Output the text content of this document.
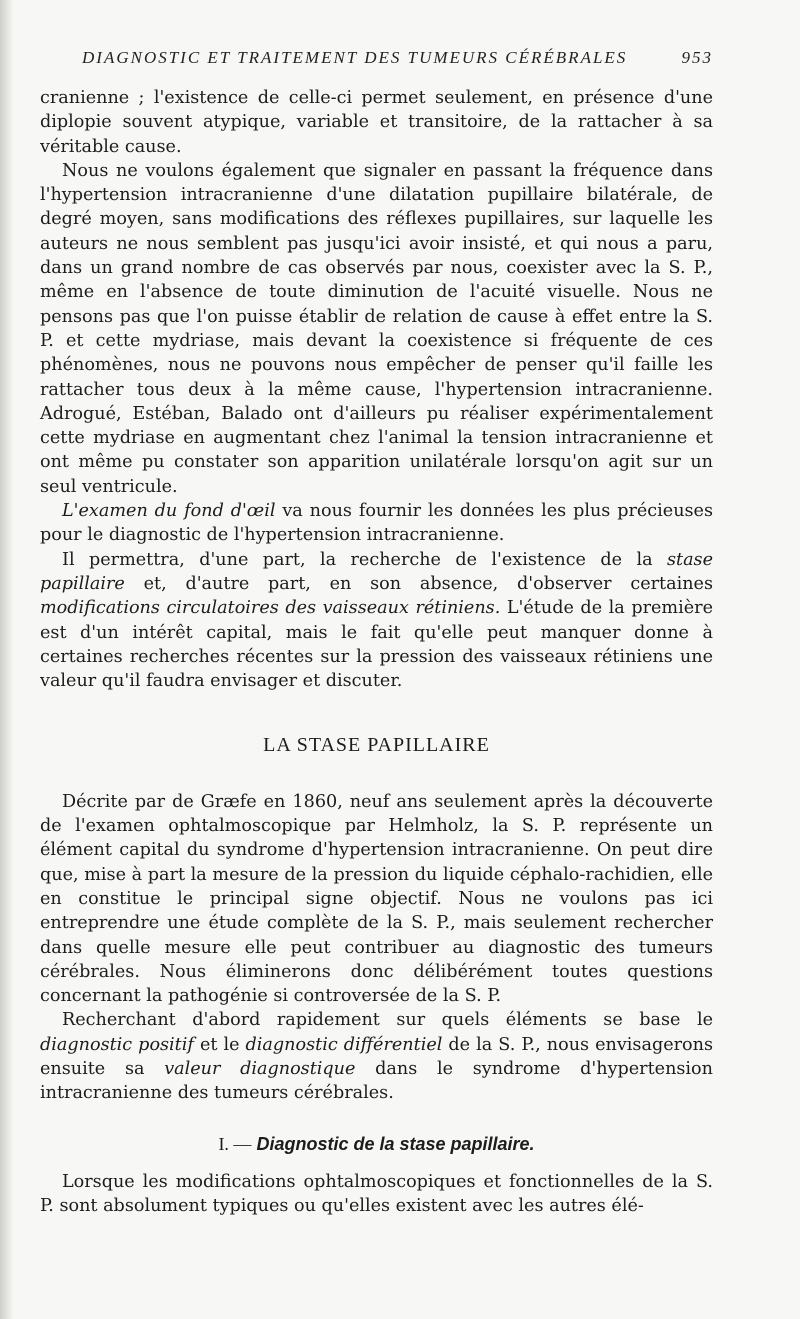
DIAGNOSTIC ET TRAITEMENT DES TUMEURS CÉRÉBRALES	953

cranienne ; l'existence de celle-ci permet seulement, en présence d'une diplopie souvent atypique, variable et transitoire, de la rattacher à sa véritable cause.

Nous ne voulons également que signaler en passant la fréquence dans l'hypertension intracranienne d'une dilatation pupillaire bilatérale, de degré moyen, sans modifications des réflexes pupillaires, sur laquelle les auteurs ne nous semblent pas jusqu'ici avoir insisté, et qui nous a paru, dans un grand nombre de cas observés par nous, coexister avec la S. P., même en l'absence de toute diminution de l'acuité visuelle. Nous ne pensons pas que l'on puisse établir de relation de cause à effet entre la S. P. et cette mydriase, mais devant la coexistence si fréquente de ces phénomènes, nous ne pouvons nous empêcher de penser qu'il faille les rattacher tous deux à la même cause, l'hypertension intracranienne. Adrogué, Estéban, Balado ont d'ailleurs pu réaliser expérimentalement cette mydriase en augmentant chez l'animal la tension intracranienne et ont même pu constater son apparition unilatérale lorsqu'on agit sur un seul ventricule.

L'examen du fond d'œil va nous fournir les données les plus précieuses pour le diagnostic de l'hypertension intracranienne.

Il permettra, d'une part, la recherche de l'existence de la stase papillaire et, d'autre part, en son absence, d'observer certaines modifications circulatoires des vaisseaux rétiniens. L'étude de la première est d'un intérêt capital, mais le fait qu'elle peut manquer donne à certaines recherches récentes sur la pression des vaisseaux rétiniens une valeur qu'il faudra envisager et discuter.

LA STASE PAPILLAIRE

Décrite par de Græfe en 1860, neuf ans seulement après la découverte de l'examen ophtalmoscopique par Helmholz, la S. P. représente un élément capital du syndrome d'hypertension intracranienne. On peut dire que, mise à part la mesure de la pression du liquide céphalo-rachidien, elle en constitue le principal signe objectif. Nous ne voulons pas ici entreprendre une étude complète de la S. P., mais seulement rechercher dans quelle mesure elle peut contribuer au diagnostic des tumeurs cérébrales. Nous éliminerons donc délibérément toutes questions concernant la pathogénie si controversée de la S. P.

Recherchant d'abord rapidement sur quels éléments se base le diagnostic positif et le diagnostic différentiel de la S. P., nous envisagerons ensuite sa valeur diagnostique dans le syndrome d'hypertension intracranienne des tumeurs cérébrales.

I. — Diagnostic de la stase papillaire.

Lorsque les modifications ophtalmoscopiques et fonctionnelles de la S. P. sont absolument typiques ou qu'elles existent avec les autres élé-
